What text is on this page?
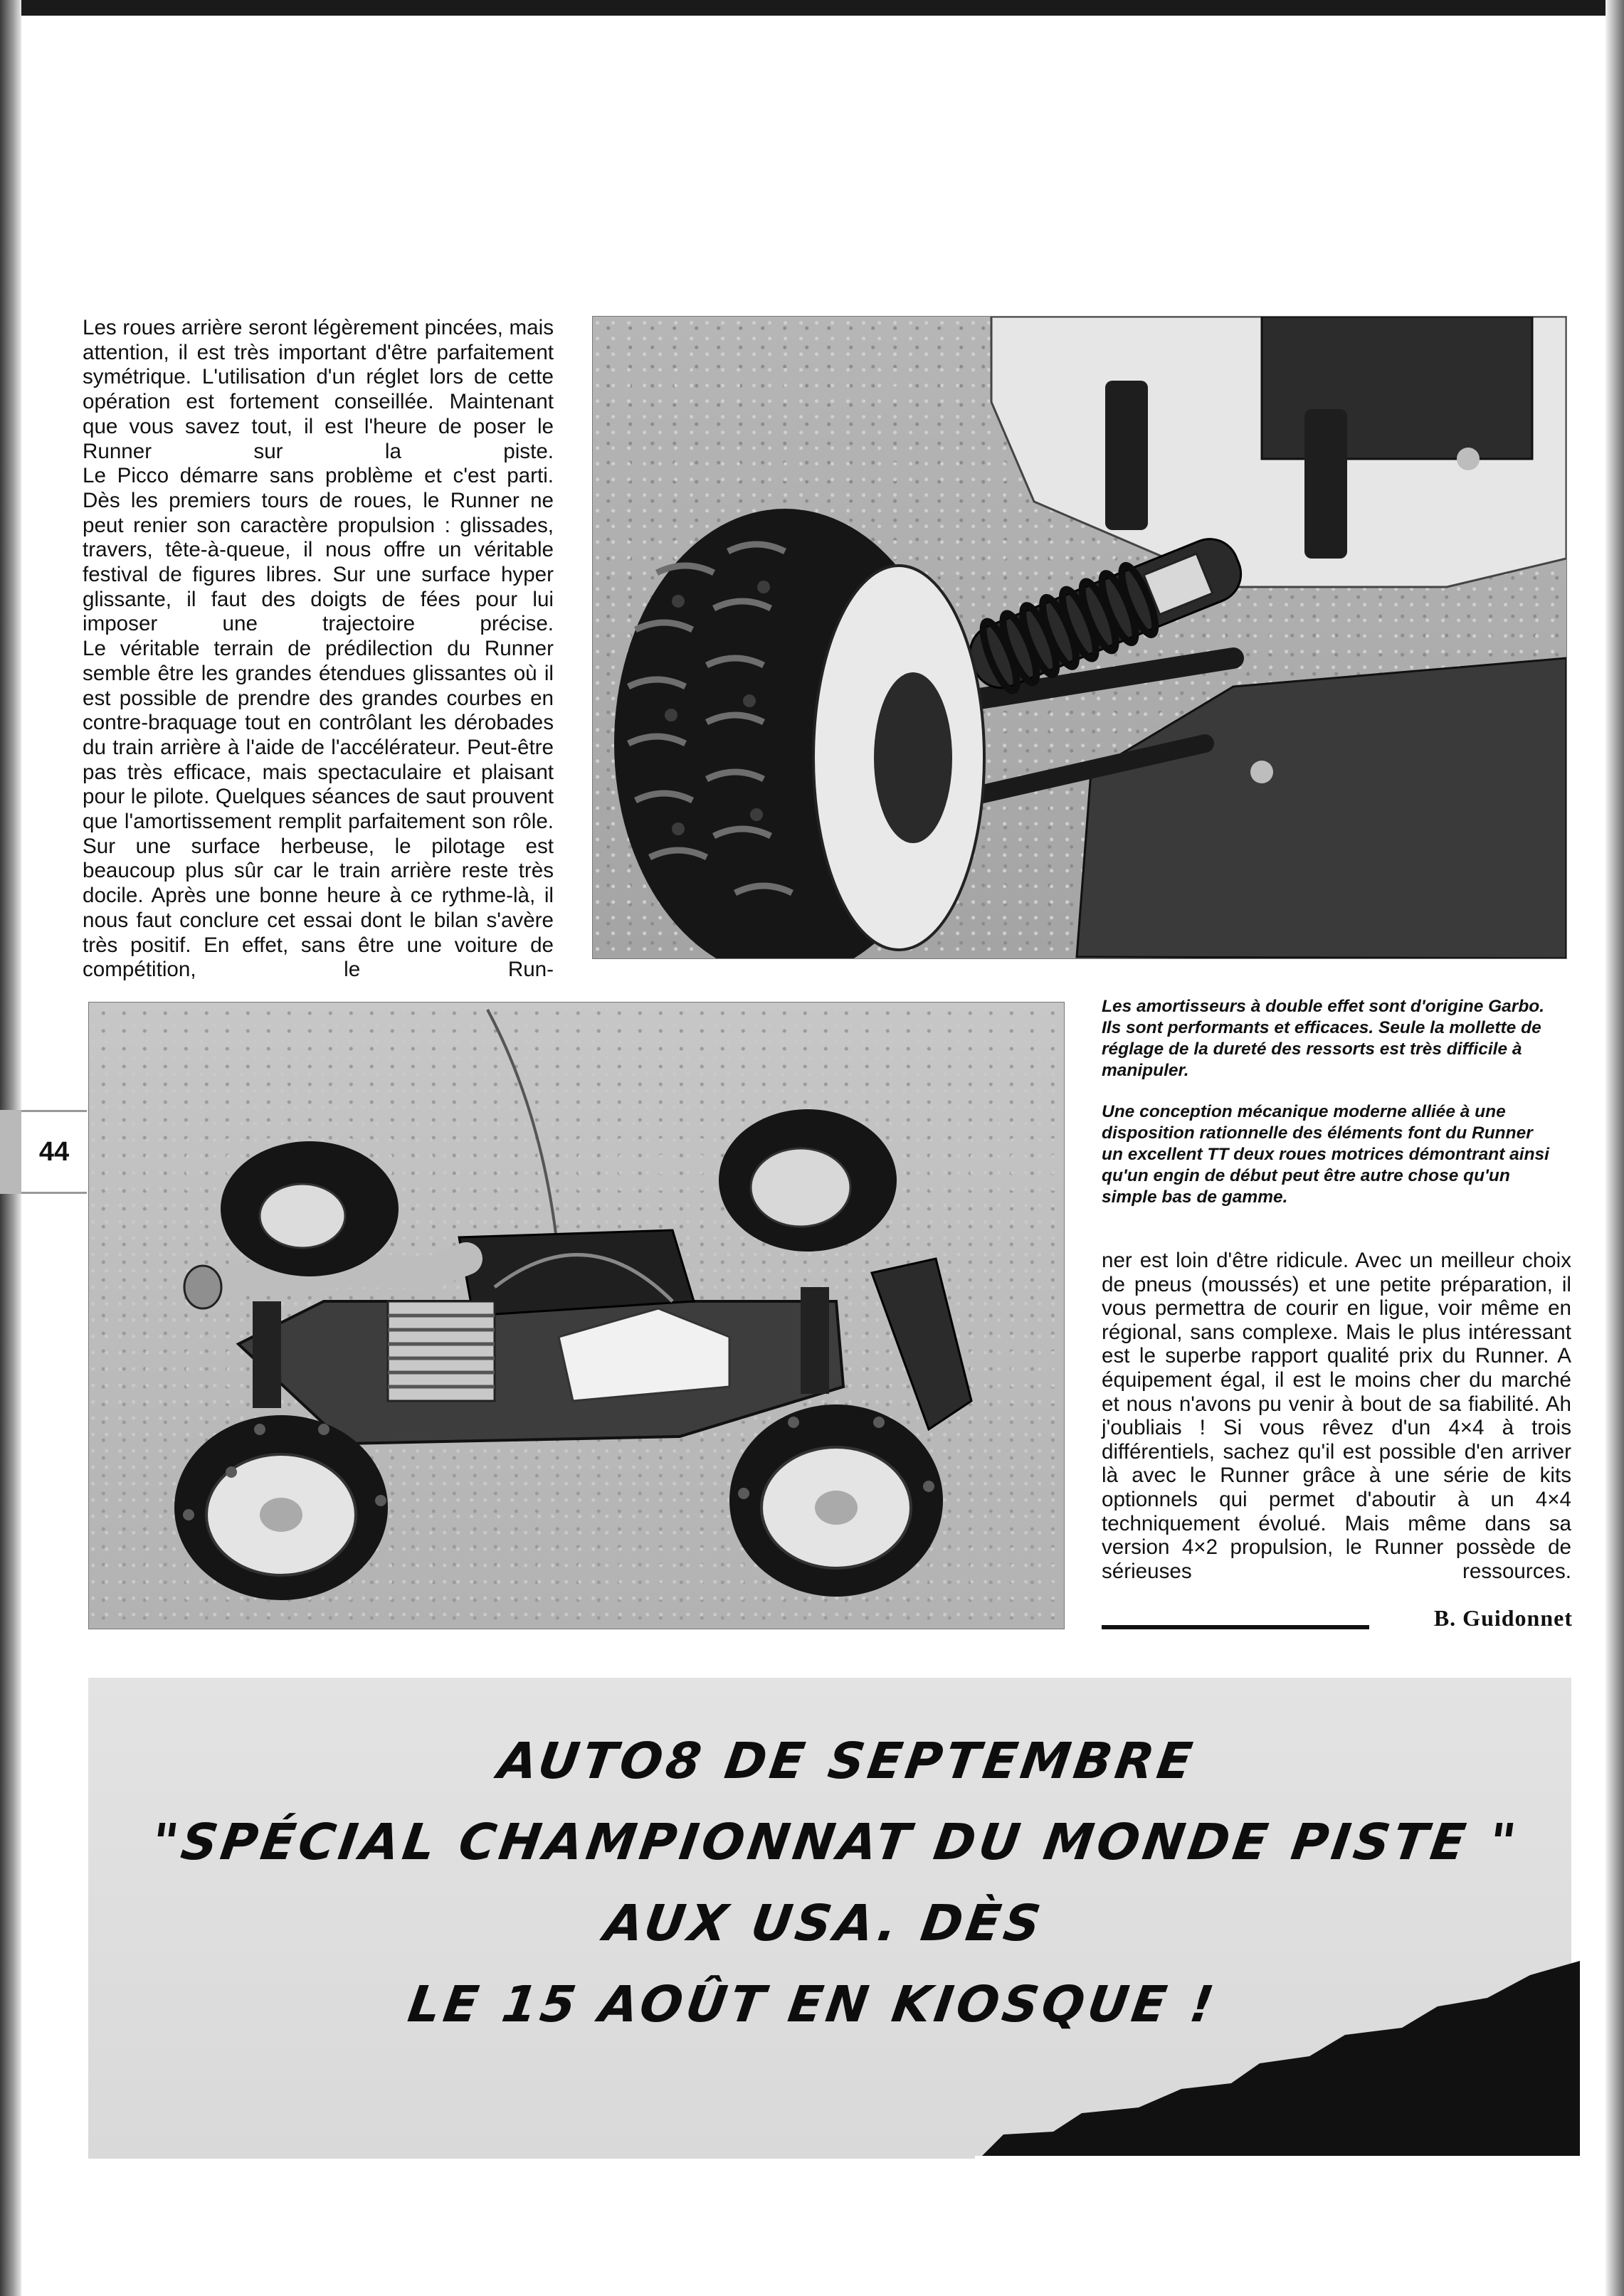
44

Les roues arrière seront légèrement pincées, mais attention, il est très important d'être parfaitement symétrique. L'utilisation d'un réglet lors de cette opération est fortement conseillée. Maintenant que vous savez tout, il est l'heure de poser le Runner sur la piste.

Le Picco démarre sans problème et c'est parti. Dès les premiers tours de roues, le Runner ne peut renier son caractère propulsion : glissades, travers, tête-à-queue, il nous offre un véritable festival de figures libres. Sur une surface hyper glissante, il faut des doigts de fées pour lui imposer une trajectoire précise.

Le véritable terrain de prédilection du Runner semble être les grandes étendues glissantes où il est possible de prendre des grandes courbes en contre-braquage tout en contrôlant les dérobades du train arrière à l'aide de l'accélérateur. Peut-être pas très efficace, mais spectaculaire et plaisant pour le pilote. Quelques séances de saut prouvent que l'amortissement remplit parfaitement son rôle. Sur une surface herbeuse, le pilotage est beaucoup plus sûr car le train arrière reste très docile. Après une bonne heure à ce rythme-là, il nous faut conclure cet essai dont le bilan s'avère très positif. En effet, sans être une voiture de compétition, le Run-

Les amortisseurs à double effet sont d'origine Garbo. Ils sont performants et efficaces. Seule la mollette de réglage de la dureté des ressorts est très difficile à manipuler.

Une conception mécanique moderne alliée à une disposition rationnelle des éléments font du Runner un excellent TT deux roues motrices démontrant ainsi qu'un engin de début peut être autre chose qu'un simple bas de gamme.

ner est loin d'être ridicule. Avec un meilleur choix de pneus (moussés) et une petite préparation, il vous permettra de courir en ligue, voir même en régional, sans complexe. Mais le plus intéressant est le superbe rapport qualité prix du Runner. A équipement égal, il est le moins cher du marché et nous n'avons pu venir à bout de sa fiabilité. Ah j'oubliais ! Si vous rêvez d'un 4×4 à trois différentiels, sachez qu'il est possible d'en arriver là avec le Runner grâce à une série de kits optionnels qui permet d'aboutir à un 4×4 techniquement évolué. Mais même dans sa version 4×2 propulsion, le Runner possède de sérieuses ressources.

B. Guidonnet
AUTO8 DE SEPTEMBRE
"SPÉCIAL CHAMPIONNAT DU MONDE PISTE "
AUX USA. DÈS
LE 15 AOÛT EN KIOSQUE !
